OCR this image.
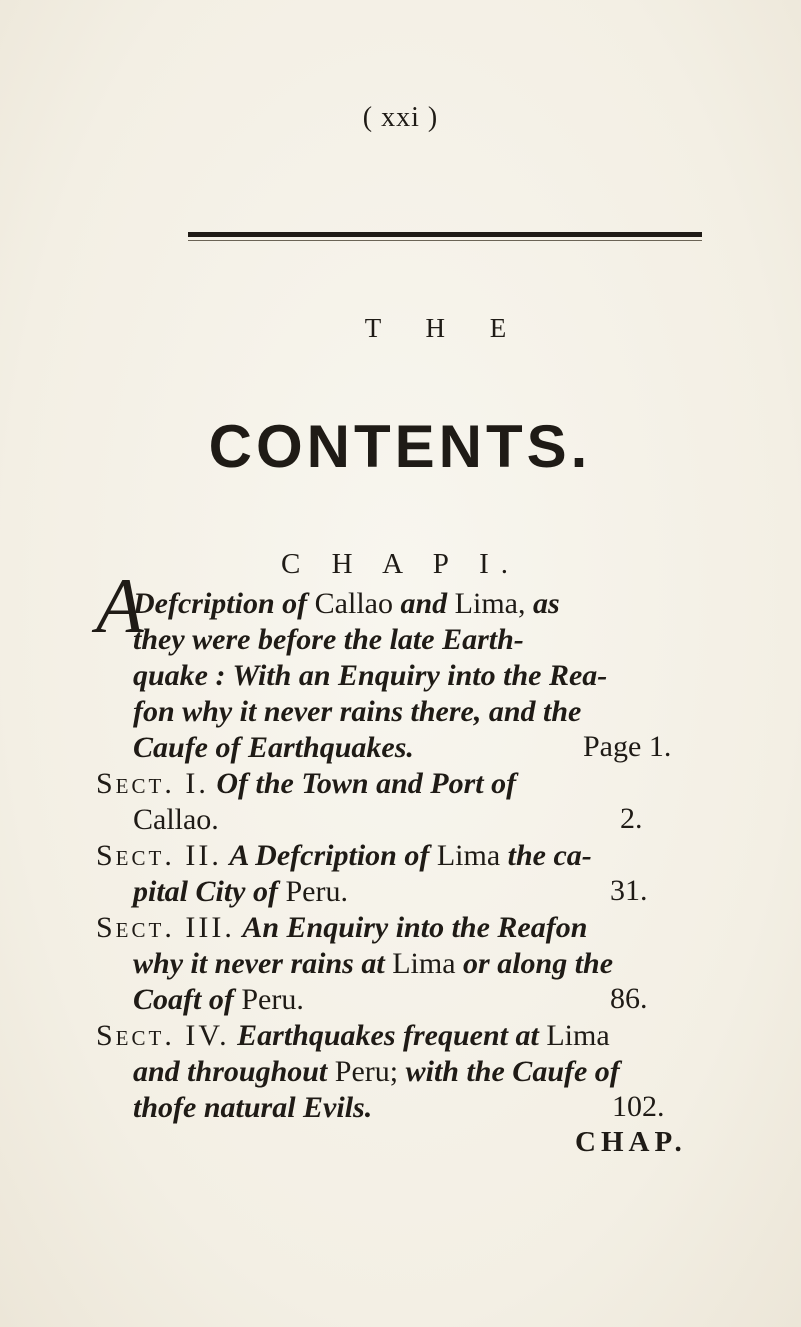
( xxi )
T H E
CONTENTS.
C H A P I.
A
Defcription of Callao and Lima, as
they were before the late Earth-
quake : With an Enquiry into the Rea-
fon why it never rains there, and the
Caufe of Earthquakes.	Page 1.
Sect. I. Of the Town and Port of
Callao.	2.
Sect. II. A Defcription of Lima the ca-
pital City of Peru.	31.
Sect. III. An Enquiry into the Reafon
why it never rains at Lima or along the
Coaft of Peru.	86.
Sect. IV. Earthquakes frequent at Lima
and throughout Peru; with the Caufe of
thofe natural Evils.	102.
CHAP.
